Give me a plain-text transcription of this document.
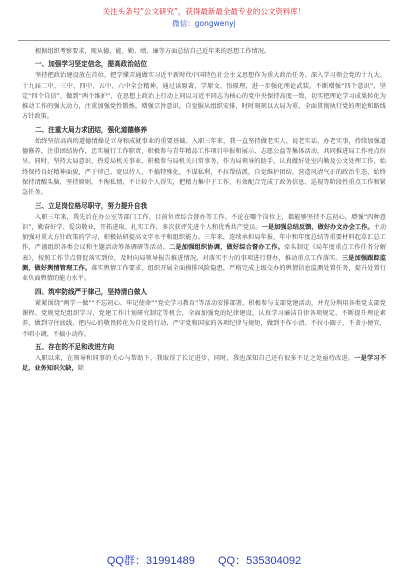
关注头条号“公文研究”，获得最新最全最专业的公文资料库！
微信：gongwenyj

根据组织考察要求，现从德、能、勤、绩、廉等方面总结自己近年来的思想工作情况。

一、加强学习坚定信念，提高政治站位

坚持把政治建设放在首位，把学懂弄通做实习近平新时代中国特色社会主义思想作为重大政治任务。深入学习领会党的十九大、十九届二中、三中、四中、五中、六中全会精神，通过读原著、学原文、悟原理，进一步强化理论武装，不断增强“四个意识”、坚定“四个自信”、做到“两个维护”，在思想上政治上行动上同以习近平同志为核心的党中央保持高度一致，切实把理论学习成果转化为推动工作的强大动力，注重加强党性锻炼，增强宗旨意识，自觉服从组织安排，时时刻刻以大局为重，全面贯彻执行党的理论和路线方针政策。

二、注重大局力求团结，强化道德修养

始终坚信高尚的道德情操是立身和成就事业的重要基础。入职三年来，我一直坚持做老实人、说老实话、办老实事，持续加强道德修养，注重团结协作，忠实履行工作职责，积极参与青年精品工作项目申报和展示、志愿公益等集体活动，共同推进局工作亮点纷呈。同时，坚持大局意识、热爱局机关事业，积极参与局机关日常事务，作为局领导的助手，认真做好处室内勤及公文处理工作，始终保持良好精神面貌，严于律己、宽以待人，不搞特殊化，不谋私利，不拉帮结派，自觉维护团结，营造风清气正的政治生态，始终保持清醒头脑，坚持原则，不徇私情，不计较个人得失，把精力集中于工作，有效配合完成了政务信息、巡视等阶段性重点工作和紧急任务。

三、立足岗位格尽职守，努力提升自我

入职三年来，我先后在办公室等部门工作，目前负责综合督办等工作。不论在哪个岗位上，都能够坚持不忘初心，增强“四种意识”，勤奋好学、爱岗敬业，开拓进取、扎实工作，多次获评先进个人和优秀共产党员。一是加强总结反馈，做好办文办会工作。主动加强对重大方针政策的学习，积极钻研提高文字水平和组织能力。三年来，连续承担局年报、年中和年度总结等重要材料起草汇总工作，严谨组织各类会议和主题活动筹备调研等活动。二是加强组织协调，做好综合督办工作。牵头制定《局年度重点工作任务分解表》，按照工作节点督促落实到位，及时向局领导报告推进情况，对落实不力的事项进行督办，推动重点工作落实。三是加强跟踪监测，做好舆情管理工作。落实舆情工作要求，组织开展全面摸排风险隐患，严格完成上级交办的舆情信息监测处置任务，提升处置行业负面舆情的能力水平。

四、筑牢防线严于律己，坚持清白做人

紧紧围绕“两学一做”“不忘初心、牢记使命”“党史学习教育”等活动安排部署，积极参与支部党建活动，并充分利用各类党支部党课程、党规党纪组织学习，党建工作计划研究制定等机会，全面加强党的纪律建设，认真学习廉洁自律各项规定，不断提升理论素养，做到守住底线，把内心的敬畏转化为自觉的行动，严守党和国家的各项纪律与规矩，做到不作小清、不拉小圈子，不贪小便宜，不唱小调，不搞小动作。

五、存在的不足和改进方向

入职以来，在领导和同事的关心与帮助下，我取得了长足进步，同时，我也深知自己还有很多不足之处亟待改进。一是学习不足，业务知识欠缺，除

QQ群：31991489 QQ：535304092
